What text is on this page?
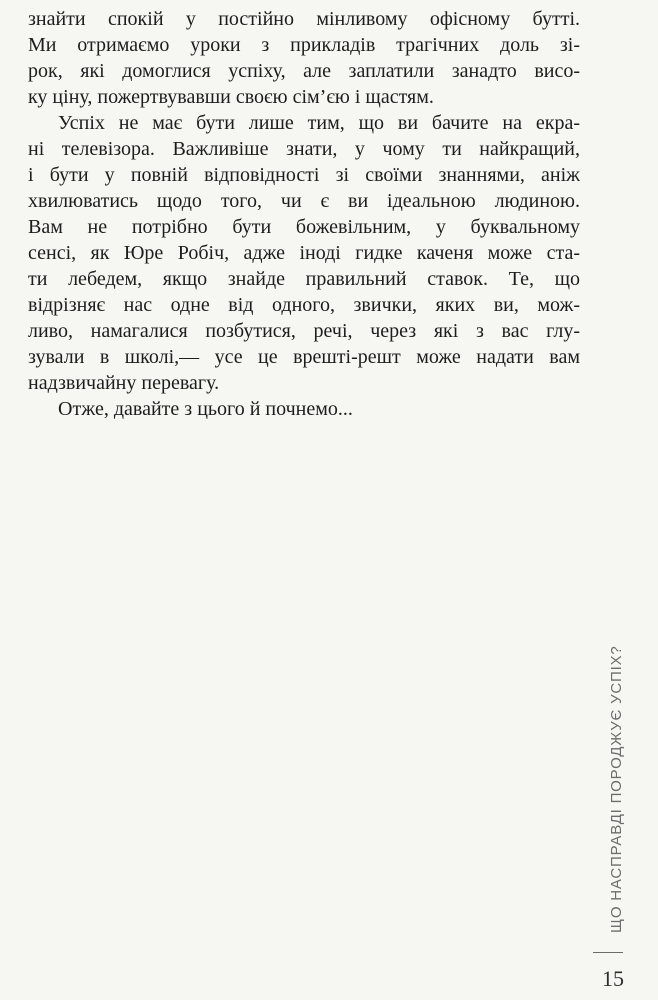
знайти спокій у постійно мінливому офісному бутті.
Ми отримаємо уроки з прикладів трагічних доль зі-
рок, які домоглися успіху, але заплатили занадто висо-
ку ціну, пожертвувавши своєю сім’єю і щастям.
Успіх не має бути лише тим, що ви бачите на екра-
ні телевізора. Важливіше знати, у чому ти найкращий,
і бути у повній відповідності зі своїми знаннями, аніж
хвилюватись щодо того, чи є ви ідеальною людиною.
Вам не потрібно бути божевільним, у буквальному
сенсі, як Юре Робіч, адже іноді гидке каченя може ста-
ти лебедем, якщо знайде правильний ставок. Те, що
відрізняє нас одне від одного, звички, яких ви, мож-
ливо, намагалися позбутися, речі, через які з вас глу-
зували в школі,— усе це врешті-решт може надати вам
надзвичайну перевагу.
Отже, давайте з цього й почнемо...
ЩО НАСПРАВДІ ПОРОДЖУЄ УСПІХ?
15
